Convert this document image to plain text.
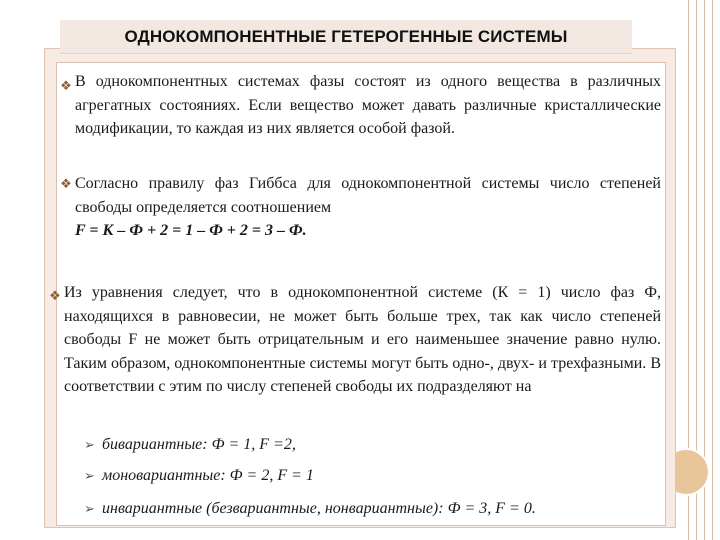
ОДНОКОМПОНЕНТНЫЕ ГЕТЕРОГЕННЫЕ СИСТЕМЫ
❖ В однокомпонентных системах фазы состоят из одного вещества в различных агрегатных состояниях. Если вещество может давать различные кристаллические модификации, то каждая из них является особой фазой.
❖ Согласно правилу фаз Гиббса для однокомпонентной системы число степеней свободы определяется соотношением
F = К – Ф + 2 = 1 – Ф + 2 = 3 – Ф.
❖ Из уравнения следует, что в однокомпонентной системе (К = 1) число фаз Ф, находящихся в равновесии, не может быть больше трех, так как число степеней свободы F не может быть отрицательным и его наименьшее значение равно нулю. Таким образом, однокомпонентные системы могут быть одно-, двух- и трехфазными. В соответствии с этим по числу степеней свободы их подразделяют на
➢ бивариантные: Ф = 1, F =2,
➢ моновариантные: Ф = 2, F = 1
➢ инвариантные (безвариантные, нонвариантные): Ф = 3, F = 0.
